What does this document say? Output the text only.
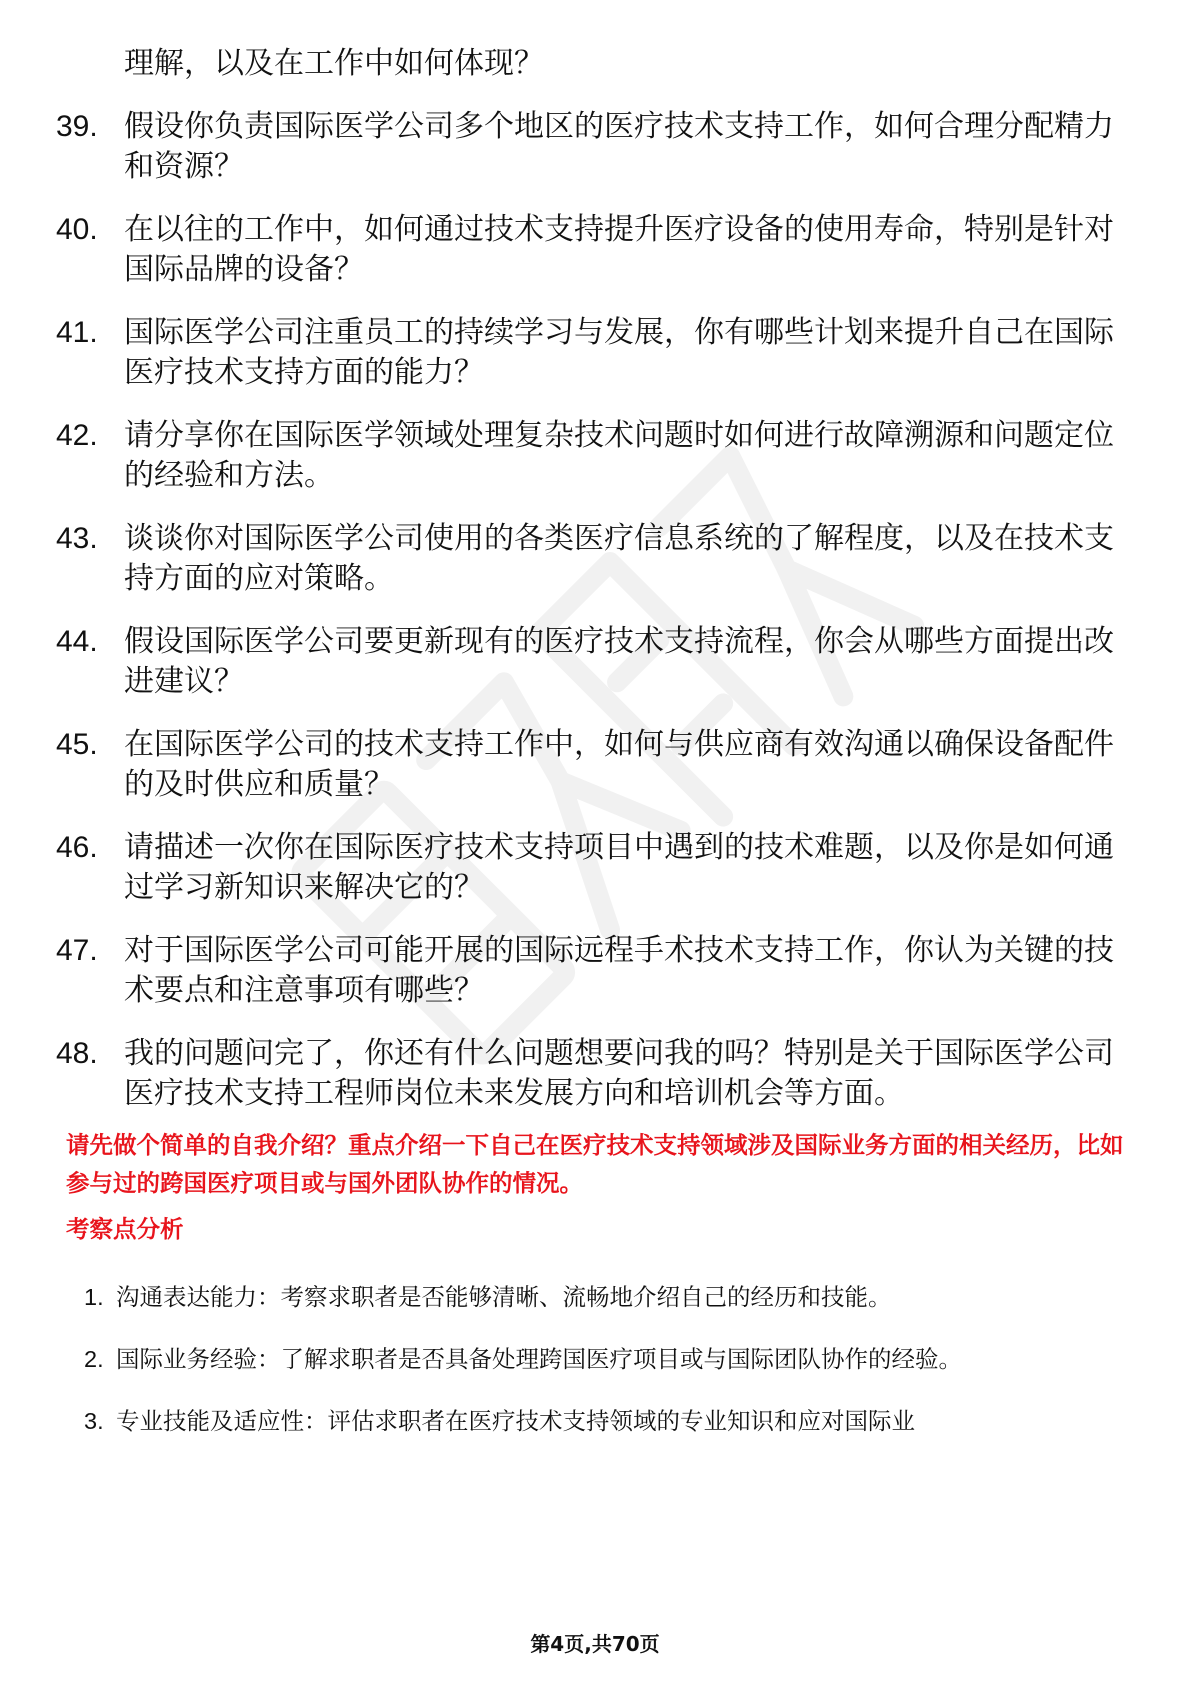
理解，以及在工作中如何体现？
39. 假设你负责国际医学公司多个地区的医疗技术支持工作，如何合理分配精力和资源？
40. 在以往的工作中，如何通过技术支持提升医疗设备的使用寿命，特别是针对国际品牌的设备？
41. 国际医学公司注重员工的持续学习与发展，你有哪些计划来提升自己在国际医疗技术支持方面的能力？
42. 请分享你在国际医学领域处理复杂技术问题时如何进行故障溯源和问题定位的经验和方法。
43. 谈谈你对国际医学公司使用的各类医疗信息系统的了解程度，以及在技术支持方面的应对策略。
44. 假设国际医学公司要更新现有的医疗技术支持流程，你会从哪些方面提出改进建议？
45. 在国际医学公司的技术支持工作中，如何与供应商有效沟通以确保设备配件的及时供应和质量？
46. 请描述一次你在国际医疗技术支持项目中遇到的技术难题，以及你是如何通过学习新知识来解决它的？
47. 对于国际医学公司可能开展的国际远程手术技术支持工作，你认为关键的技术要点和注意事项有哪些？
48. 我的问题问完了，你还有什么问题想要问我的吗？特别是关于国际医学公司医疗技术支持工程师岗位未来发展方向和培训机会等方面。

请先做个简单的自我介绍？重点介绍一下自己在医疗技术支持领域涉及国际业务方面的相关经历，比如参与过的跨国医疗项目或与国外团队协作的情况。

考察点分析
1. 沟通表达能力：考察求职者是否能够清晰、流畅地介绍自己的经历和技能。
2. 国际业务经验：了解求职者是否具备处理跨国医疗项目或与国际团队协作的经验。
3. 专业技能及适应性：评估求职者在医疗技术支持领域的专业知识和应对国际业

第4页,共70页
